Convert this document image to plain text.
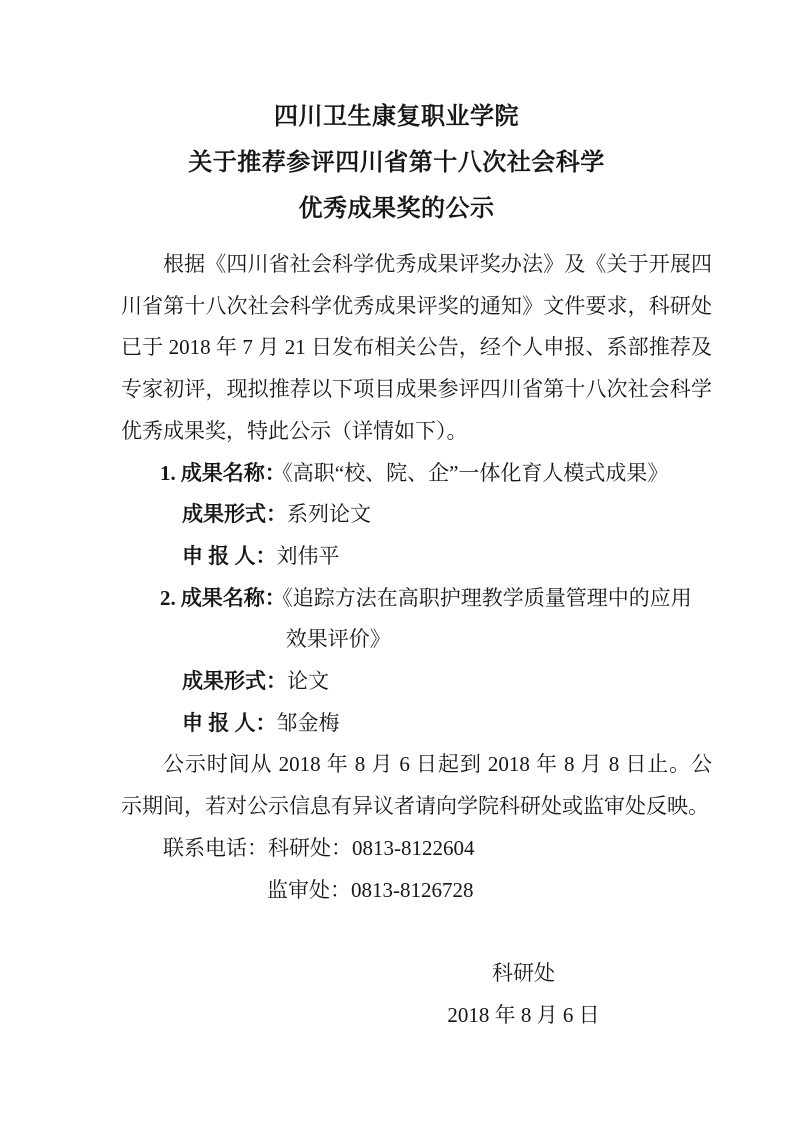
四川卫生康复职业学院
关于推荐参评四川省第十八次社会科学
优秀成果奖的公示
根据《四川省社会科学优秀成果评奖办法》及《关于开展四
川省第十八次社会科学优秀成果评奖的通知》文件要求，科研处
已于 2018 年 7 月 21 日发布相关公告，经个人申报、系部推荐及
专家初评，现拟推荐以下项目成果参评四川省第十八次社会科学
优秀成果奖，特此公示（详情如下）。
1. 成果名称：
《高职“校、院、企”一体化育人模式成果》
成果形式： 系列论文
申 报 人： 刘伟平
2. 成果名称：
《追踪方法在高职护理教学质量管理中的应用效果评价》
成果形式： 论文
申 报 人： 邹金梅
公示时间从 2018 年 8 月 6 日起到 2018 年 8 月 8 日止。公
示期间，若对公示信息有异议者请向学院科研处或监审处反映。
联系电话： 科研处： 0813-8122604
监审处： 0813-8126728
科研处
2018 年 8 月 6 日
